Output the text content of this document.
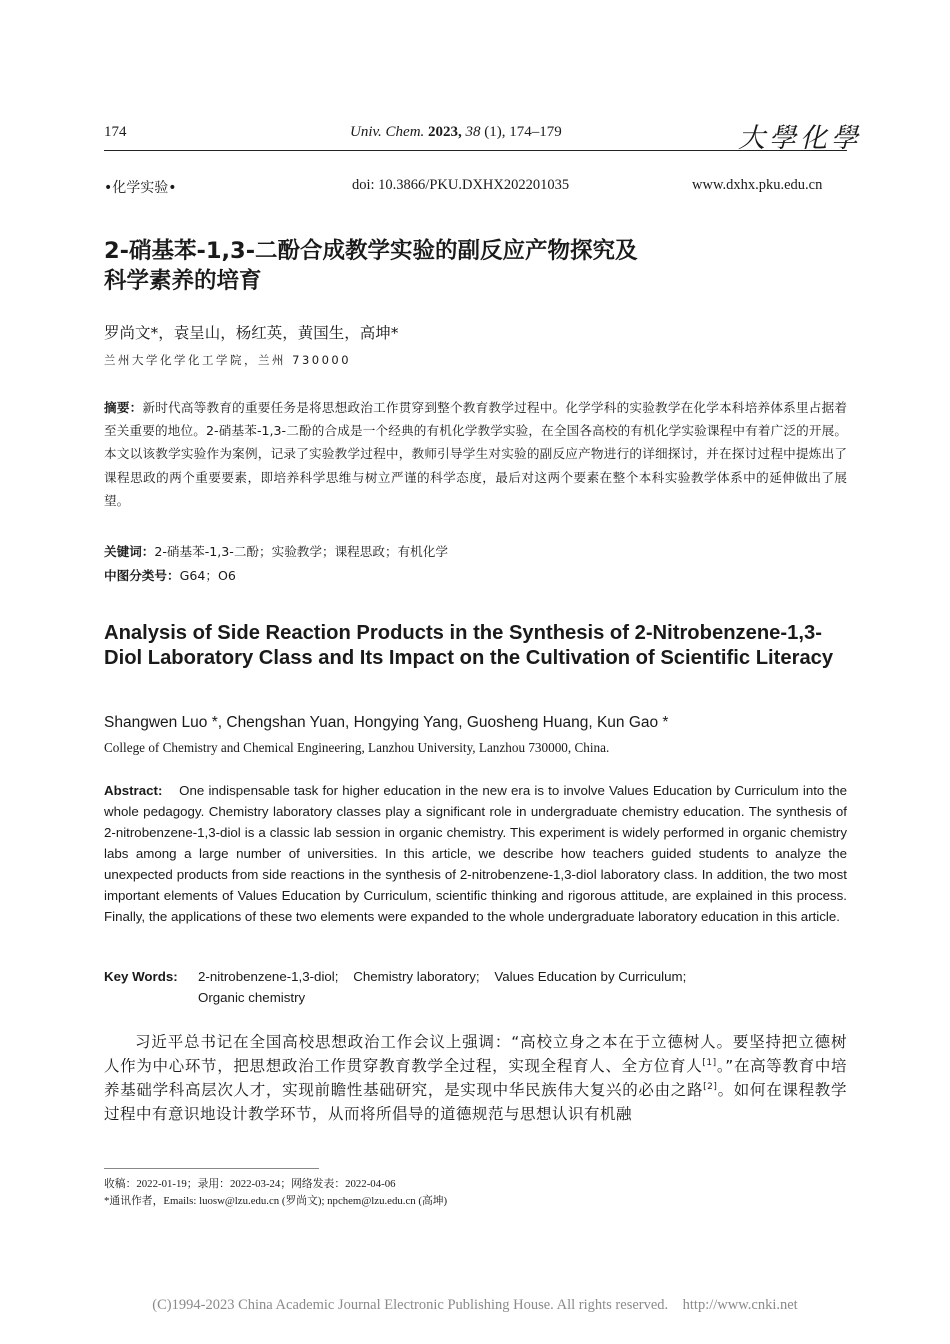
174	Univ. Chem. 2023, 38 (1), 174–179	大學化學
•化学实验•	doi: 10.3866/PKU.DXHX202201035	www.dxhx.pku.edu.cn
2-硝基苯-1,3-二酚合成教学实验的副反应产物探究及
科学素养的培育
罗尚文*，袁呈山，杨红英，黄国生，高坤*
兰州大学化学化工学院，兰州 730000
摘要：新时代高等教育的重要任务是将思想政治工作贯穿到整个教育教学过程中。化学学科的实验教学在化学本科培养体系里占据着至关重要的地位。2-硝基苯-1,3-二酚的合成是一个经典的有机化学教学实验，在全国各高校的有机化学实验课程中有着广泛的开展。本文以该教学实验作为案例，记录了实验教学过程中，教师引导学生对实验的副反应产物进行的详细探讨，并在探讨过程中提炼出了课程思政的两个重要要素，即培养科学思维与树立严谨的科学态度，最后对这两个要素在整个本科实验教学体系中的延伸做出了展望。
关键词：2-硝基苯-1,3-二酚；实验教学；课程思政；有机化学
中图分类号：G64；O6
Analysis of Side Reaction Products in the Synthesis of 2-Nitrobenzene-1,3-Diol Laboratory Class and Its Impact on the Cultivation of Scientific Literacy
Shangwen Luo *, Chengshan Yuan, Hongying Yang, Guosheng Huang, Kun Gao *
College of Chemistry and Chemical Engineering, Lanzhou University, Lanzhou 730000, China.
Abstract: One indispensable task for higher education in the new era is to involve Values Education by Curriculum into the whole pedagogy. Chemistry laboratory classes play a significant role in undergraduate chemistry education. The synthesis of 2-nitrobenzene-1,3-diol is a classic lab session in organic chemistry. This experiment is widely performed in organic chemistry labs among a large number of universities. In this article, we describe how teachers guided students to analyze the unexpected products from side reactions in the synthesis of 2-nitrobenzene-1,3-diol laboratory class. In addition, the two most important elements of Values Education by Curriculum, scientific thinking and rigorous attitude, are explained in this process. Finally, the applications of these two elements were expanded to the whole undergraduate laboratory education in this article.
Key Words: 2-nitrobenzene-1,3-diol;    Chemistry laboratory;    Values Education by Curriculum;
Organic chemistry
习近平总书记在全国高校思想政治工作会议上强调：“高校立身之本在于立德树人。要坚持把立德树人作为中心环节，把思想政治工作贯穿教育教学全过程，实现全程育人、全方位育人[1]。”在高等教育中培养基础学科高层次人才，实现前瞻性基础研究，是实现中华民族伟大复兴的必由之路[2]。如何在课程教学过程中有意识地设计教学环节，从而将所倡导的道德规范与思想认识有机融
收稿：2022-01-19；录用：2022-03-24；网络发表：2022-04-06
*通讯作者，Emails: luosw@lzu.edu.cn (罗尚文); npchem@lzu.edu.cn (高坤)
(C)1994-2023 China Academic Journal Electronic Publishing House. All rights reserved.    http://www.cnki.net
